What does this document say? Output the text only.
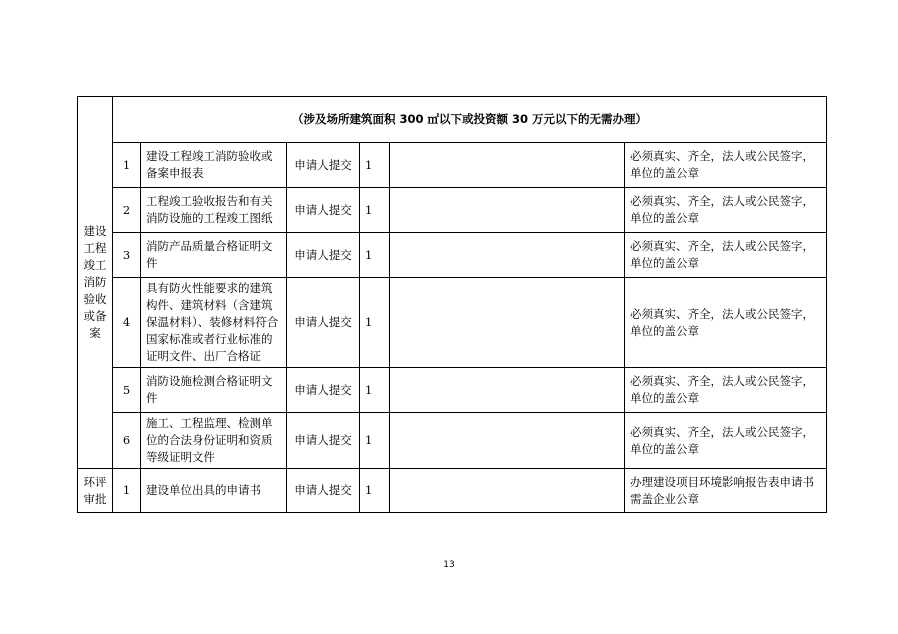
建设工程竣工消防验收或备案	（涉及场所建筑面积 300 ㎡以下或投资额 30 万元以下的无需办理）					
	1	建设工程竣工消防验收或备案申报表	申请人提交	1		必须真实、齐全，法人或公民签字，单位的盖公章
	2	工程竣工验收报告和有关消防设施的工程竣工图纸	申请人提交	1		必须真实、齐全，法人或公民签字，单位的盖公章
	3	消防产品质量合格证明文件	申请人提交	1		必须真实、齐全，法人或公民签字，单位的盖公章
	4	具有防火性能要求的建筑构件、建筑材料（含建筑保温材料）、装修材料符合国家标准或者行业标准的证明文件、出厂合格证	申请人提交	1		必须真实、齐全，法人或公民签字，单位的盖公章
	5	消防设施检测合格证明文件	申请人提交	1		必须真实、齐全，法人或公民签字，单位的盖公章
	6	施工、工程监理、检测单位的合法身份证明和资质等级证明文件	申请人提交	1		必须真实、齐全，法人或公民签字，单位的盖公章
环评审批	1	建设单位出具的申请书	申请人提交	1		办理建设项目环境影响报告表申请书需盖企业公章
13
